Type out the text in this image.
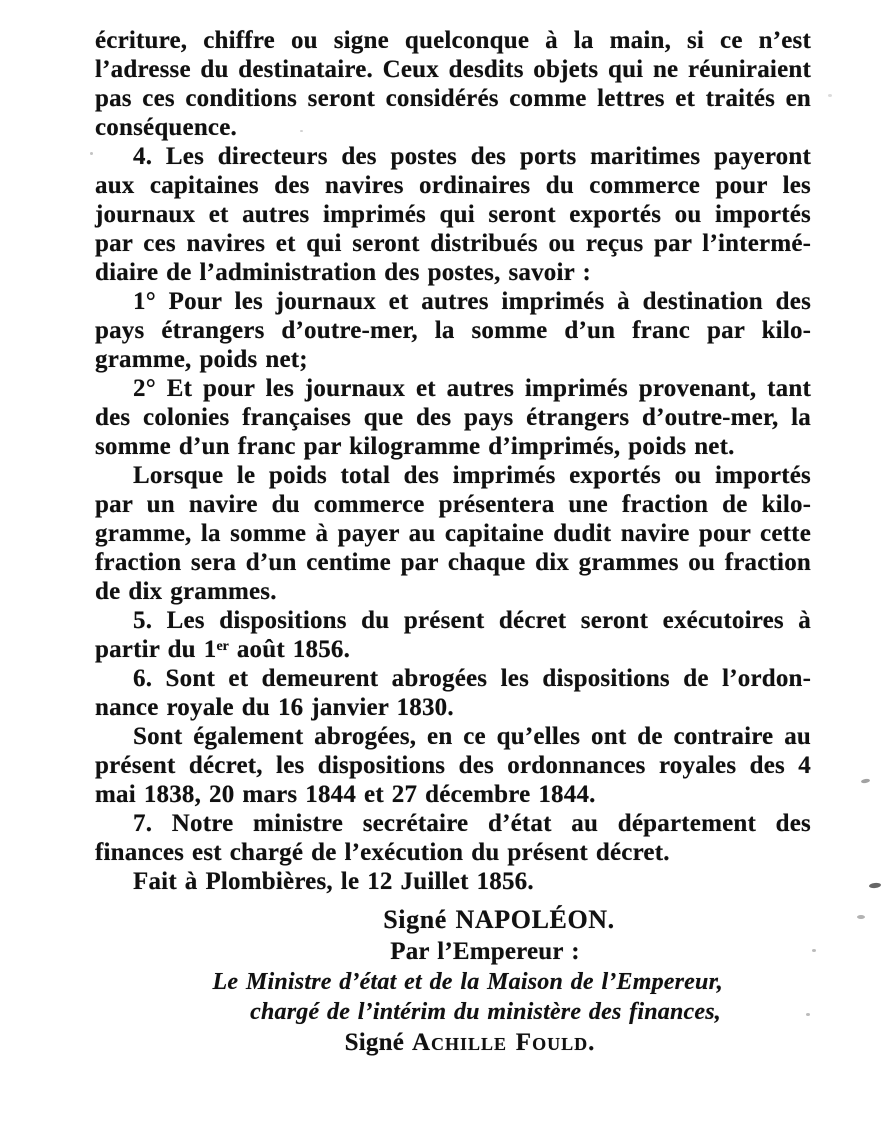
écriture, chiffre ou signe quelconque à la main, si ce n’est l’adresse du destinataire. Ceux desdits objets qui ne réuniraient pas ces conditions seront considérés comme lettres et traités en conséquence.

4. Les directeurs des postes des ports maritimes payeront aux capitaines des navires ordinaires du commerce pour les journaux et autres imprimés qui seront exportés ou importés par ces navires et qui seront distribués ou reçus par l’intermédiaire de l’administration des postes, savoir :

1° Pour les journaux et autres imprimés à destination des pays étrangers d’outre-mer, la somme d’un franc par kilogramme, poids net;

2° Et pour les journaux et autres imprimés provenant, tant des colonies françaises que des pays étrangers d’outre-mer, la somme d’un franc par kilogramme d’imprimés, poids net.

Lorsque le poids total des imprimés exportés ou importés par un navire du commerce présentera une fraction de kilogramme, la somme à payer au capitaine dudit navire pour cette fraction sera d’un centime par chaque dix grammes ou fraction de dix grammes.

5. Les dispositions du présent décret seront exécutoires à partir du 1er août 1856.

6. Sont et demeurent abrogées les dispositions de l’ordonnance royale du 16 janvier 1830.

Sont également abrogées, en ce qu’elles ont de contraire au présent décret, les dispositions des ordonnances royales des 4 mai 1838, 20 mars 1844 et 27 décembre 1844.

7. Notre ministre secrétaire d’état au département des finances est chargé de l’exécution du présent décret.

Fait à Plombières, le 12 Juillet 1856.

Signé NAPOLÉON.
Par l’Empereur :
Le Ministre d’état et de la Maison de l’Empereur,
chargé de l’intérim du ministère des finances,
Signé Achille Fould.
